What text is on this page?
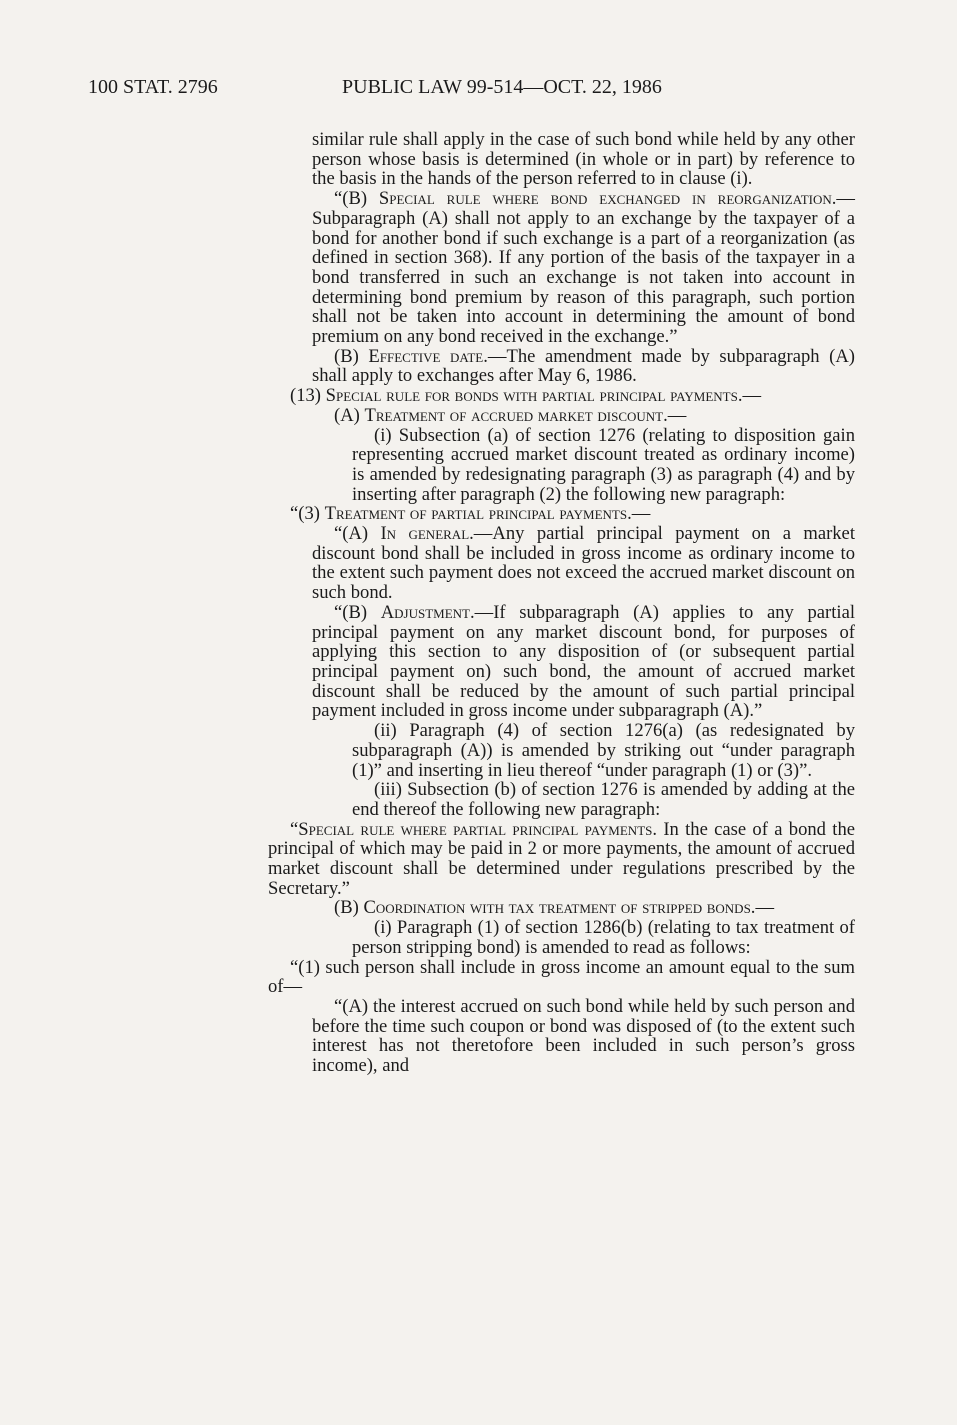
100 STAT. 2796	PUBLIC LAW 99-514—OCT. 22, 1986

similar rule shall apply in the case of such bond while held by any other person whose basis is determined (in whole or in part) by reference to the basis in the hands of the person referred to in clause (i).

“(B) Special rule where bond exchanged in reorganization.—Subparagraph (A) shall not apply to an exchange by the taxpayer of a bond for another bond if such exchange is a part of a reorganization (as defined in section 368). If any portion of the basis of the taxpayer in a bond transferred in such an exchange is not taken into account in determining bond premium by reason of this paragraph, such portion shall not be taken into account in determining the amount of bond premium on any bond received in the exchange.”

(B) Effective date.—The amendment made by subparagraph (A) shall apply to exchanges after May 6, 1986.

(13) Special rule for bonds with partial principal payments.—

(A) Treatment of accrued market discount.—

(i) Subsection (a) of section 1276 (relating to disposition gain representing accrued market discount treated as ordinary income) is amended by redesignating paragraph (3) as paragraph (4) and by inserting after paragraph (2) the following new paragraph:

“(3) Treatment of partial principal payments.—

“(A) In general.—Any partial principal payment on a market discount bond shall be included in gross income as ordinary income to the extent such payment does not exceed the accrued market discount on such bond.

“(B) Adjustment.—If subparagraph (A) applies to any partial principal payment on any market discount bond, for purposes of applying this section to any disposition of (or subsequent partial principal payment on) such bond, the amount of accrued market discount shall be reduced by the amount of such partial principal payment included in gross income under subparagraph (A).”

(ii) Paragraph (4) of section 1276(a) (as redesignated by subparagraph (A)) is amended by striking out “under paragraph (1)” and inserting in lieu thereof “under paragraph (1) or (3)”.

(iii) Subsection (b) of section 1276 is amended by adding at the end thereof the following new paragraph:

“Special rule where partial principal payments. In the case of a bond the principal of which may be paid in 2 or more payments, the amount of accrued market discount shall be determined under regulations prescribed by the Secretary.”

(B) Coordination with tax treatment of stripped bonds.—

(i) Paragraph (1) of section 1286(b) (relating to tax treatment of person stripping bond) is amended to read as follows:

“(1) such person shall include in gross income an amount equal to the sum of—

“(A) the interest accrued on such bond while held by such person and before the time such coupon or bond was disposed of (to the extent such interest has not theretofore been included in such person’s gross income), and
